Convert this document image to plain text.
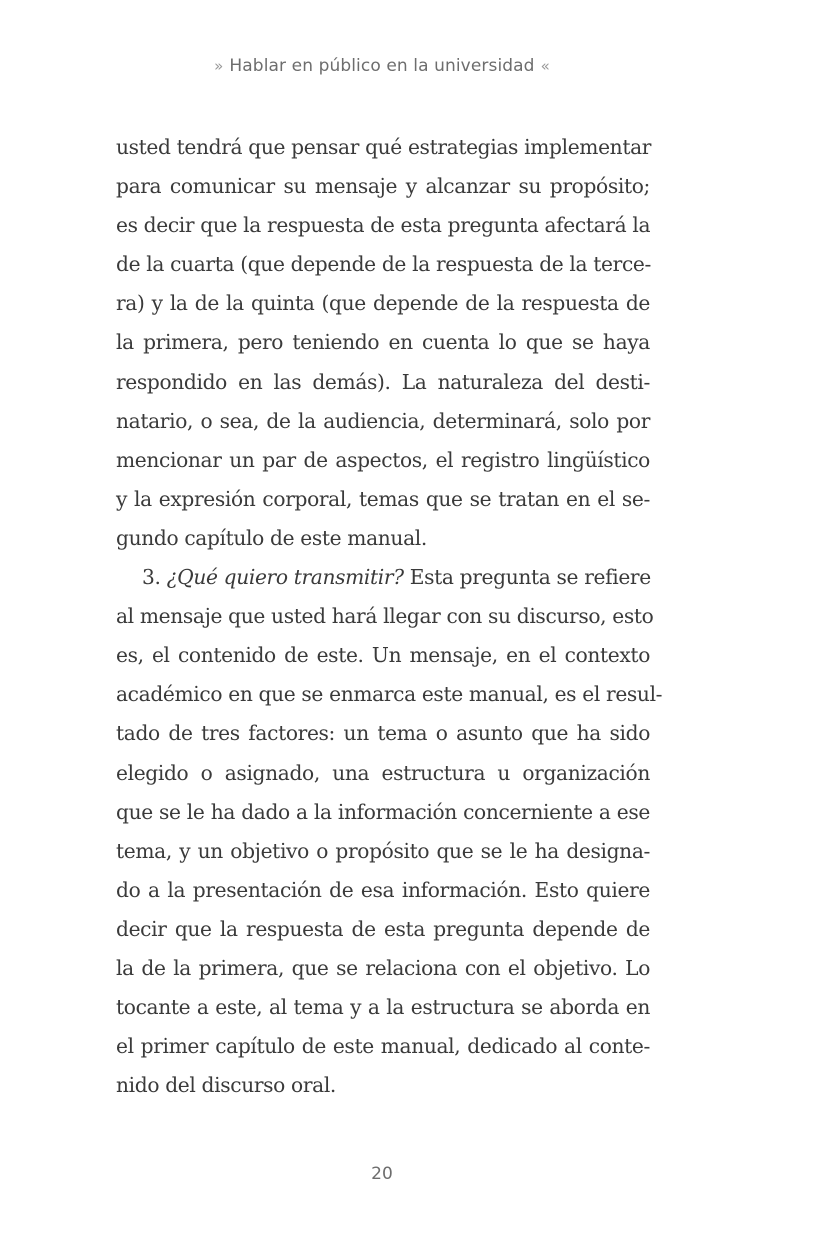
» Hablar en público en la universidad «
usted tendrá que pensar qué estrategias implementar
para comunicar su mensaje y alcanzar su propósito;
es decir que la respuesta de esta pregunta afectará la
de la cuarta (que depende de la respuesta de la terce-
ra) y la de la quinta (que depende de la respuesta de
la primera, pero teniendo en cuenta lo que se haya
respondido en las demás). La naturaleza del desti-
natario, o sea, de la audiencia, determinará, solo por
mencionar un par de aspectos, el registro lingüístico
y la expresión corporal, temas que se tratan en el se-
gundo capítulo de este manual.
3. ¿Qué quiero transmitir? Esta pregunta se refiere
al mensaje que usted hará llegar con su discurso, esto
es, el contenido de este. Un mensaje, en el contexto
académico en que se enmarca este manual, es el resul-
tado de tres factores: un tema o asunto que ha sido
elegido o asignado, una estructura u organización
que se le ha dado a la información concerniente a ese
tema, y un objetivo o propósito que se le ha designa-
do a la presentación de esa información. Esto quiere
decir que la respuesta de esta pregunta depende de
la de la primera, que se relaciona con el objetivo. Lo
tocante a este, al tema y a la estructura se aborda en
el primer capítulo de este manual, dedicado al conte-
nido del discurso oral.
20
